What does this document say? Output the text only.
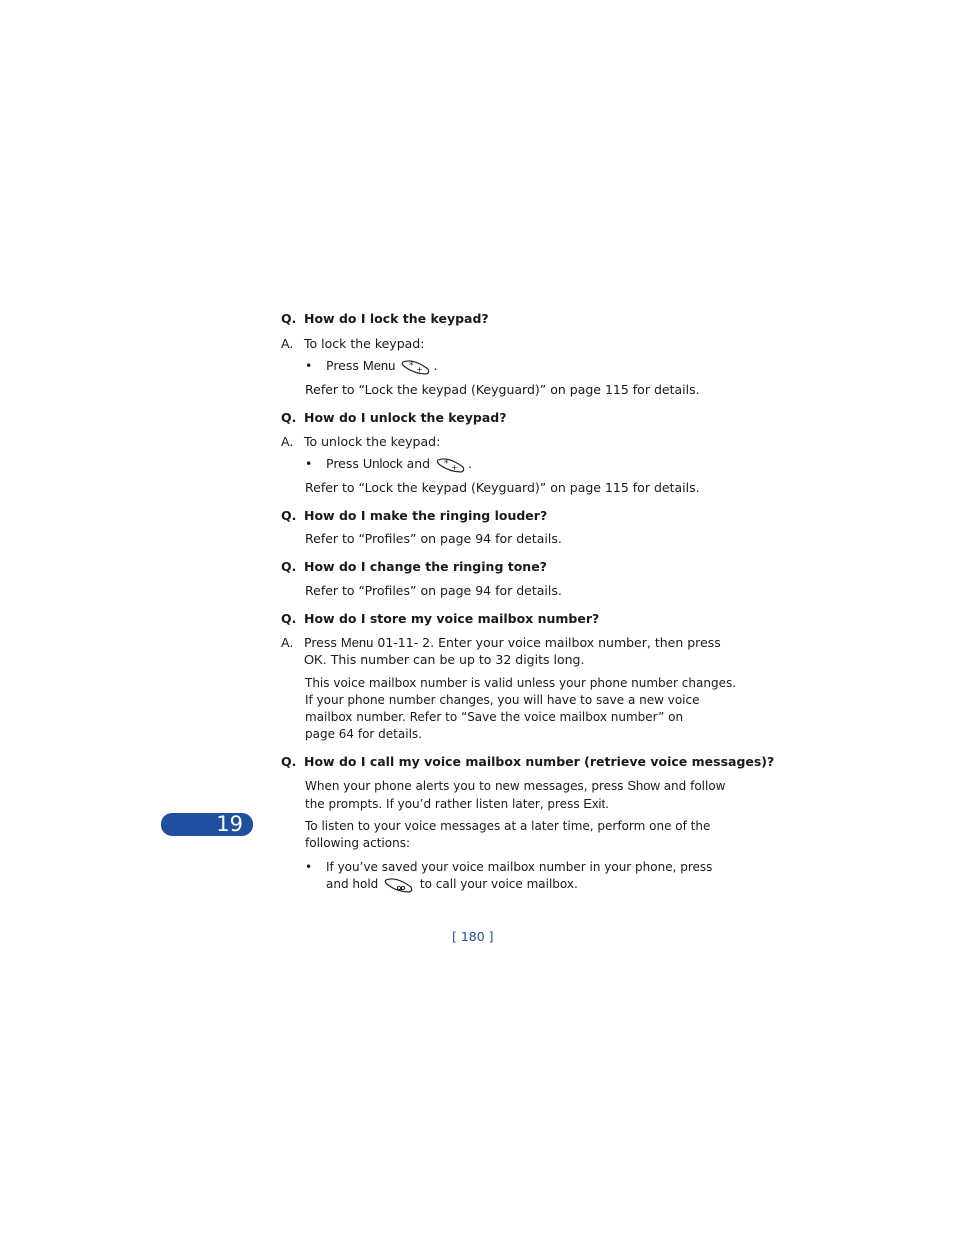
Q. How do I lock the keypad?
A. To lock the keypad:
• Press Menu * + .
Refer to “Lock the keypad (Keyguard)” on page 115 for details.
Q. How do I unlock the keypad?
A. To unlock the keypad:
• Press Unlock and * + .
Refer to “Lock the keypad (Keyguard)” on page 115 for details.
Q. How do I make the ringing louder?
Refer to “Profiles” on page 94 for details.
Q. How do I change the ringing tone?
Refer to “Profiles” on page 94 for details.
Q. How do I store my voice mailbox number?
A. Press Menu 01-11- 2. Enter your voice mailbox number, then press
OK. This number can be up to 32 digits long.
This voice mailbox number is valid unless your phone number changes.
If your phone number changes, you will have to save a new voice
mailbox number. Refer to “Save the voice mailbox number” on
page 64 for details.
Q. How do I call my voice mailbox number (retrieve voice messages)?
When your phone alerts you to new messages, press Show and follow
the prompts. If you’d rather listen later, press Exit.
To listen to your voice messages at a later time, perform one of the
following actions:
• If you’ve saved your voice mailbox number in your phone, press
and hold	to call your voice mailbox.
19
[ 180 ]
